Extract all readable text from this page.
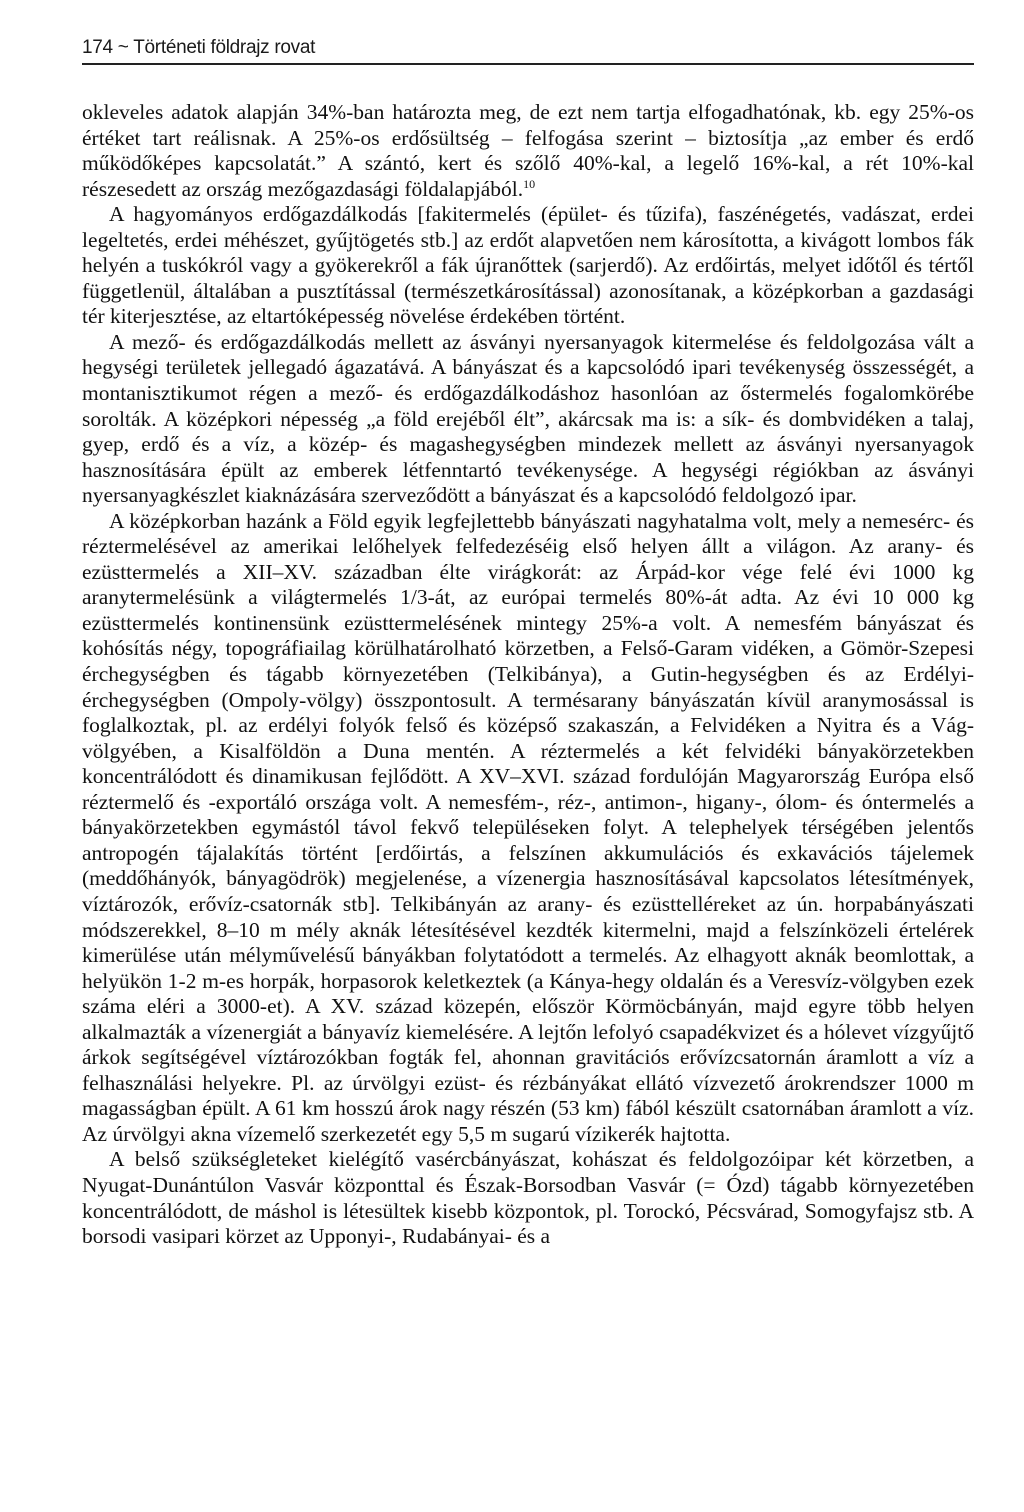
174 ~ Történeti földrajz rovat

okleveles adatok alapján 34%-ban határozta meg, de ezt nem tartja elfogadhatónak, kb. egy 25%-os értéket tart reálisnak. A 25%-os erdősültség – felfogása szerint – biztosítja „az ember és erdő működőképes kapcsolatát.” A szántó, kert és szőlő 40%-kal, a legelő 16%-kal, a rét 10%-kal részesedett az ország mezőgazdasági földalapjából.$^{10}$

A hagyományos erdőgazdálkodás [fakitermelés (épület- és tűzifa), faszénégetés, vadászat, erdei legeltetés, erdei méhészet, gyűjtögetés stb.] az erdőt alapvetően nem károsította, a kivágott lombos fák helyén a tuskókról vagy a gyökerekről a fák újranőttek (sarjerdő). Az erdőirtás, melyet időtől és tértől függetlenül, általában a pusztítással (természetkárosítással) azonosítanak, a középkorban a gazdasági tér kiterjesztése, az eltartóképesség növelése érdekében történt.

A mező- és erdőgazdálkodás mellett az ásványi nyersanyagok kitermelése és feldolgozása vált a hegységi területek jellegadó ágazatává. A bányászat és a kapcsolódó ipari tevékenység összességét, a montanisztikumot régen a mező- és erdőgazdálkodáshoz hasonlóan az őstermelés fogalomkörébe sorolták. A középkori népesség „a föld erejéből élt”, akárcsak ma is: a sík- és dombvidéken a talaj, gyep, erdő és a víz, a közép- és magashegységben mindezek mellett az ásványi nyersanyagok hasznosítására épült az emberek létfenntartó tevékenysége. A hegységi régiókban az ásványi nyersanyagkészlet kiaknázására szerveződött a bányászat és a kapcsolódó feldolgozó ipar.

A középkorban hazánk a Föld egyik legfejlettebb bányászati nagyhatalma volt, mely a nemesérc- és réztermelésével az amerikai lelőhelyek felfedezéséig első helyen állt a világon. Az arany- és ezüsttermelés a XII–XV. században élte virágkorát: az Árpád-kor vége felé évi 1000 kg aranytermelésünk a világtermelés 1/3-át, az európai termelés 80%-át adta. Az évi 10 000 kg ezüsttermelés kontinensünk ezüsttermelésének mintegy 25%-a volt. A nemesfém bányászat és kohósítás négy, topográfiailag körülhatárolható körzetben, a Felső-Garam vidéken, a Gömör-Szepesi érchegységben és tágabb környezetében (Telkibánya), a Gutin-hegységben és az Erdélyi-érchegységben (Ompoly-völgy) összpontosult. A termésarany bányászatán kívül aranymosással is foglalkoztak, pl. az erdélyi folyók felső és középső szakaszán, a Felvidéken a Nyitra és a Vág-völgyében, a Kisalföldön a Duna mentén. A réztermelés a két felvidéki bányakörzetekben koncentrálódott és dinamikusan fejlődött. A XV–XVI. század fordulóján Magyarország Európa első réztermelő és -exportáló országa volt. A nemesfém-, réz-, antimon-, higany-, ólom- és óntermelés a bányakörzetekben egymástól távol fekvő településeken folyt. A telephelyek térségében jelentős antropogén tájalakítás történt [erdőirtás, a felszínen akkumulációs és exkavációs tájelemek (meddőhányók, bányagödrök) megjelenése, a vízenergia hasznosításával kapcsolatos létesítmények, víztározók, erővíz-csatornák stb]. Telkibányán az arany- és ezüsttelléreket az ún. horpabányászati módszerekkel, 8–10 m mély aknák létesítésével kezdték kitermelni, majd a felszínközeli értelérek kimerülése után mélyművelésű bányákban folytatódott a termelés. Az elhagyott aknák beomlottak, a helyükön 1-2 m-es horpák, horpasorok keletkeztek (a Kánya-hegy oldalán és a Veresvíz-völgyben ezek száma eléri a 3000-et). A XV. század közepén, először Körmöcbányán, majd egyre több helyen alkalmazták a vízenergiát a bányavíz kiemelésére. A lejtőn lefolyó csapadékvizet és a hólevet vízgyűjtő árkok segítségével víztározókban fogták fel, ahonnan gravitációs erővízcsatornán áramlott a víz a felhasználási helyekre. Pl. az úrvölgyi ezüst- és rézbányákat ellátó vízvezető árokrendszer 1000 m magasságban épült. A 61 km hosszú árok nagy részén (53 km) fából készült csatornában áramlott a víz. Az úrvölgyi akna vízemelő szerkezetét egy 5,5 m sugarú vízikerék hajtotta.

A belső szükségleteket kielégítő vasércbányászat, kohászat és feldolgozóipar két körzetben, a Nyugat-Dunántúlon Vasvár központtal és Észak-Borsodban Vasvár (= Ózd) tágabb környezetében koncentrálódott, de máshol is létesültek kisebb központok, pl. Torockó, Pécsvárad, Somogyfajsz stb. A borsodi vasipari körzet az Upponyi-, Rudabányai- és a
